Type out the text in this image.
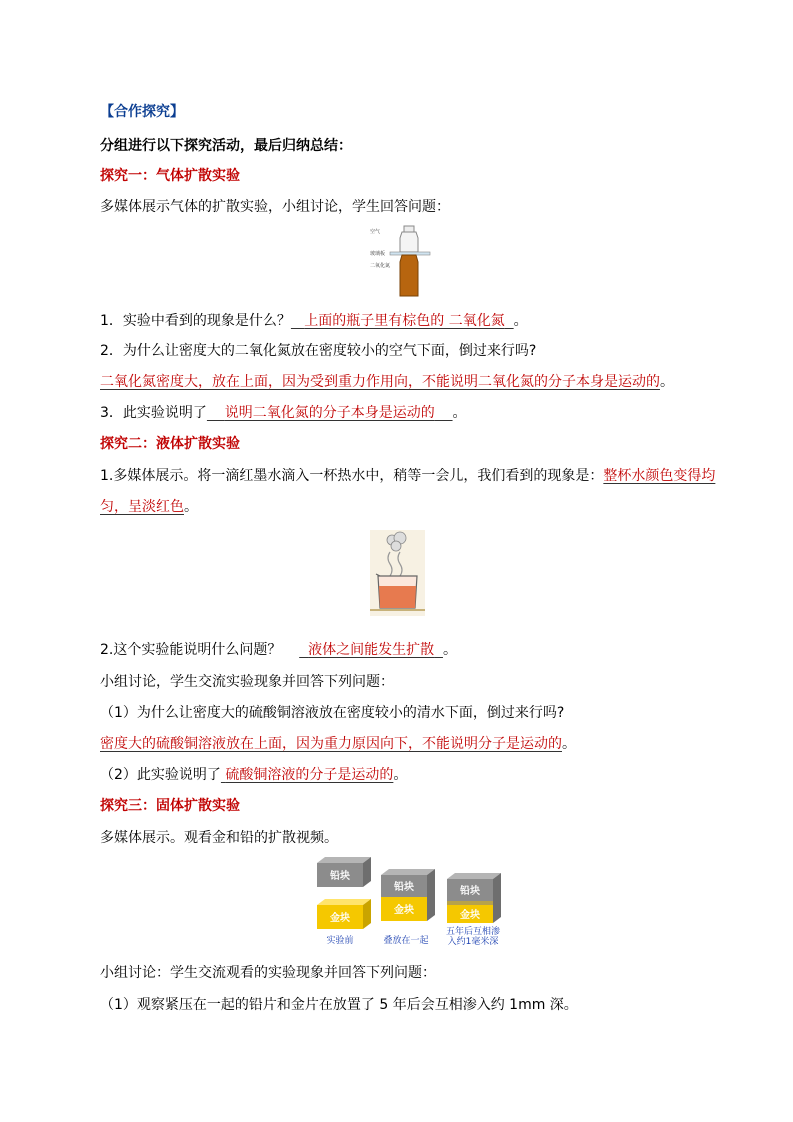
【合作探究】
分组进行以下探究活动，最后归纳总结：
探究一：气体扩散实验
多媒体展示气体的扩散实验，小组讨论，学生回答问题：
空气
玻璃板
二氧化氮
1．实验中看到的现象是什么？ 上面的瓶子里有棕色的 二氧化氮 。
2．为什么让密度大的二氧化氮放在密度较小的空气下面，倒过来行吗?
二氧化氮密度大，放在上面，因为受到重力作用向，不能说明二氧化氮的分子本身是运动的。
3．此实验说明了 说明二氧化氮的分子本身是运动的 。
探究二：液体扩散实验
1.多媒体展示。将一滴红墨水滴入一杯热水中，稍等一会儿，我们看到的现象是：整杯水颜色变得均
匀，呈淡红色。
2.这个实验能说明什么问题？ 液体之间能发生扩散 。
小组讨论，学生交流实验现象并回答下列问题：
（1）为什么让密度大的硫酸铜溶液放在密度较小的清水下面，倒过来行吗?
密度大的硫酸铜溶液放在上面，因为重力原因向下，不能说明分子是运动的。
（2）此实验说明了 硫酸铜溶液的分子是运动的。
探究三：固体扩散实验
多媒体展示。观看金和铅的扩散视频。
铅块
金块
实验前
铅块
金块
叠放在一起
铅块
金块
五年后互相渗
入约1毫米深
小组讨论：学生交流观看的实验现象并回答下列问题：
（1）观察紧压在一起的铅片和金片在放置了 5 年后会互相渗入约 1mm 深。
